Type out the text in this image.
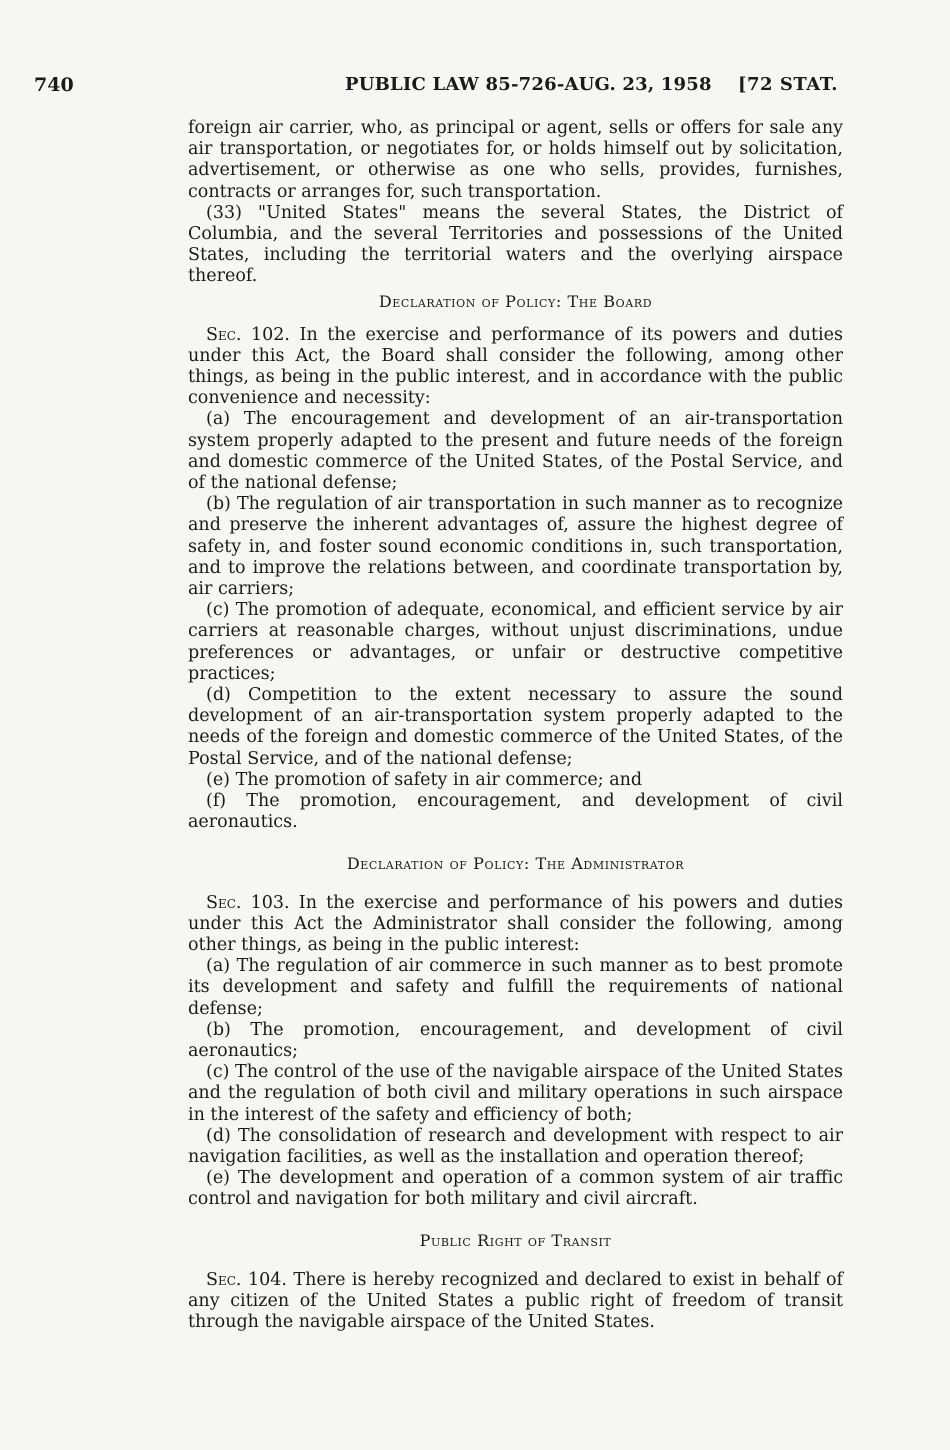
740	PUBLIC LAW 85-726-AUG. 23, 1958 [72 STAT.

foreign air carrier, who, as principal or agent, sells or offers for sale any air transportation, or negotiates for, or holds himself out by solicitation, advertisement, or otherwise as one who sells, provides, furnishes, contracts or arranges for, such transportation.

(33) "United States" means the several States, the District of Columbia, and the several Territories and possessions of the United States, including the territorial waters and the overlying airspace thereof.

Declaration of Policy: The Board

Sec. 102. In the exercise and performance of its powers and duties under this Act, the Board shall consider the following, among other things, as being in the public interest, and in accordance with the public convenience and necessity:

(a) The encouragement and development of an air-transportation system properly adapted to the present and future needs of the foreign and domestic commerce of the United States, of the Postal Service, and of the national defense;

(b) The regulation of air transportation in such manner as to recognize and preserve the inherent advantages of, assure the highest degree of safety in, and foster sound economic conditions in, such transportation, and to improve the relations between, and coordinate transportation by, air carriers;

(c) The promotion of adequate, economical, and efficient service by air carriers at reasonable charges, without unjust discriminations, undue preferences or advantages, or unfair or destructive competitive practices;

(d) Competition to the extent necessary to assure the sound development of an air-transportation system properly adapted to the needs of the foreign and domestic commerce of the United States, of the Postal Service, and of the national defense;

(e) The promotion of safety in air commerce; and

(f) The promotion, encouragement, and development of civil aeronautics.

Declaration of Policy: The Administrator

Sec. 103. In the exercise and performance of his powers and duties under this Act the Administrator shall consider the following, among other things, as being in the public interest:

(a) The regulation of air commerce in such manner as to best promote its development and safety and fulfill the requirements of national defense;

(b) The promotion, encouragement, and development of civil aeronautics;

(c) The control of the use of the navigable airspace of the United States and the regulation of both civil and military operations in such airspace in the interest of the safety and efficiency of both;

(d) The consolidation of research and development with respect to air navigation facilities, as well as the installation and operation thereof;

(e) The development and operation of a common system of air traffic control and navigation for both military and civil aircraft.

Public Right of Transit

Sec. 104. There is hereby recognized and declared to exist in behalf of any citizen of the United States a public right of freedom of transit through the navigable airspace of the United States.
